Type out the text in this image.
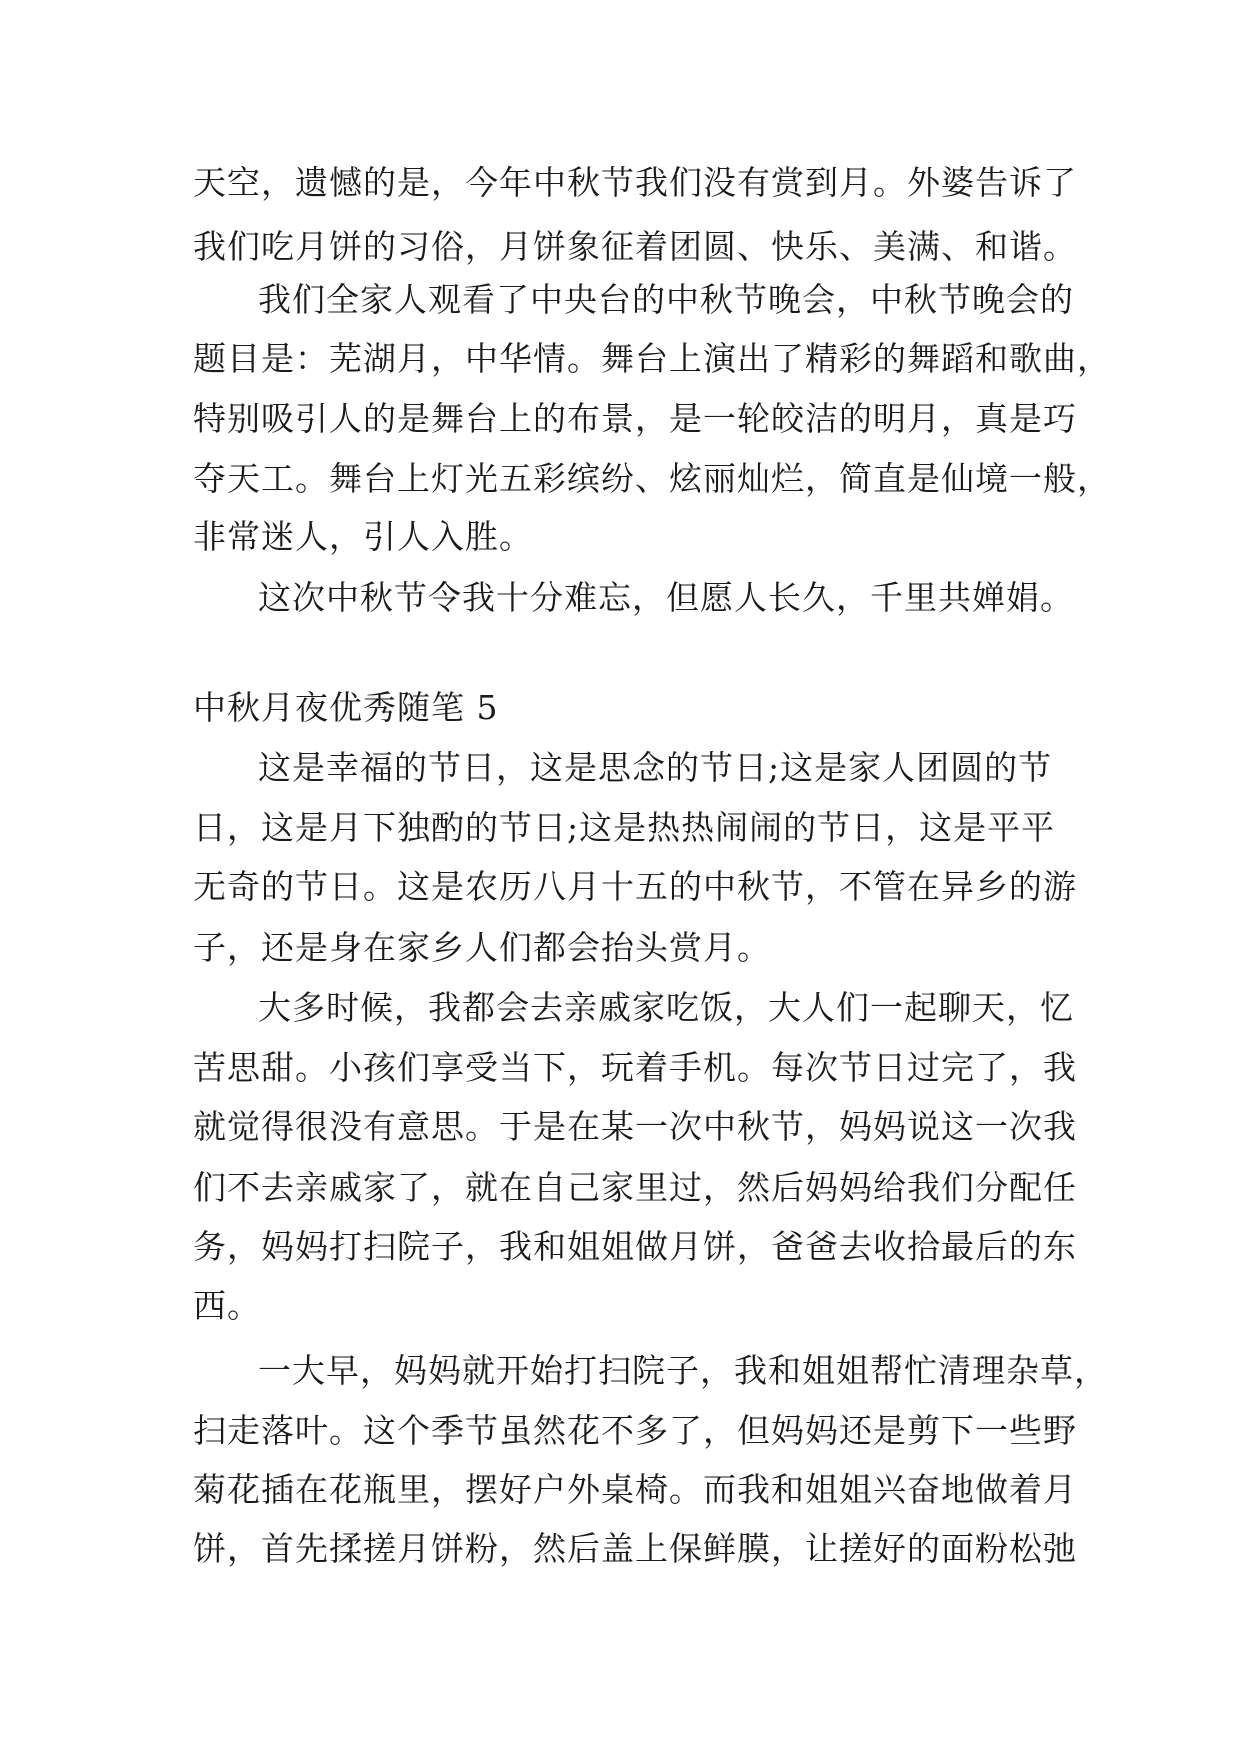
天空，遗憾的是，今年中秋节我们没有赏到月。外婆告诉了
我们吃月饼的习俗，月饼象征着团圆、快乐、美满、和谐。
我们全家人观看了中央台的中秋节晚会，中秋节晚会的
题目是：芜湖月，中华情。舞台上演出了精彩的舞蹈和歌曲，
特别吸引人的是舞台上的布景，是一轮皎洁的明月，真是巧
夺天工。舞台上灯光五彩缤纷、炫丽灿烂，简直是仙境一般，
非常迷人，引人入胜。
这次中秋节令我十分难忘，但愿人长久，千里共婵娟。
中秋月夜优秀随笔 5
这是幸福的节日，这是思念的节日;这是家人团圆的节
日，这是月下独酌的节日;这是热热闹闹的节日，这是平平
无奇的节日。这是农历八月十五的中秋节，不管在异乡的游
子，还是身在家乡人们都会抬头赏月。
大多时候，我都会去亲戚家吃饭，大人们一起聊天，忆
苦思甜。小孩们享受当下，玩着手机。每次节日过完了，我
就觉得很没有意思。于是在某一次中秋节，妈妈说这一次我
们不去亲戚家了，就在自己家里过，然后妈妈给我们分配任
务，妈妈打扫院子，我和姐姐做月饼，爸爸去收拾最后的东
西。
一大早，妈妈就开始打扫院子，我和姐姐帮忙清理杂草，
扫走落叶。这个季节虽然花不多了，但妈妈还是剪下一些野
菊花插在花瓶里，摆好户外桌椅。而我和姐姐兴奋地做着月
饼，首先揉搓月饼粉，然后盖上保鲜膜，让搓好的面粉松弛
